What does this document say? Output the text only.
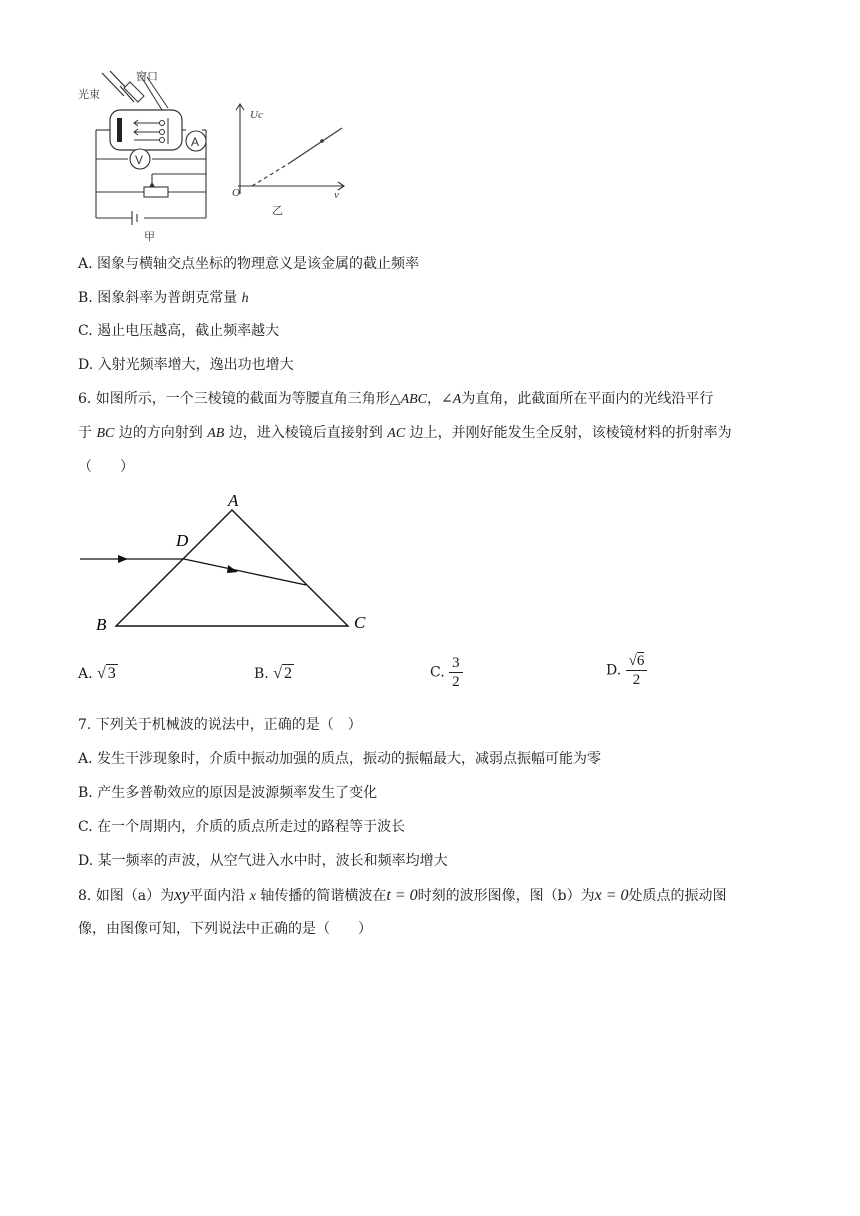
A
V
窗口
光束
甲
Uc
O	ν
乙
A. 图象与横轴交点坐标的物理意义是该金属的截止频率
B. 图象斜率为普朗克常量 h
C. 遏止电压越高，截止频率越大
D. 入射光频率增大，逸出功也增大
6. 如图所示，一个三棱镜的截面为等腰直角三角形△ABC，∠A为直角，此截面所在平面内的光线沿平行
于 BC 边的方向射到 AB 边，进入棱镜后直接射到 AC 边上，并刚好能发生全反射，该棱镜材料的折射率为
（　　）
A
D
B	C
A. √ 3	B. √ 2	C. $\frac{3}{2}$	D. $\frac{√6}{2}$
7. 下列关于机械波的说法中，正确的是（　）
A. 发生干涉现象时，介质中振动加强的质点，振动的振幅最大，减弱点振幅可能为零
B. 产生多普勒效应的原因是波源频率发生了变化
C. 在一个周期内，介质的质点所走过的路程等于波长
D. 某一频率的声波，从空气进入水中时，波长和频率均增大
8. 如图（a）为xy平面内沿 x 轴传播的简谐横波在t = 0时刻的波形图像，图（b）为x = 0处质点的振动图
像，由图像可知，下列说法中正确的是（　　）
